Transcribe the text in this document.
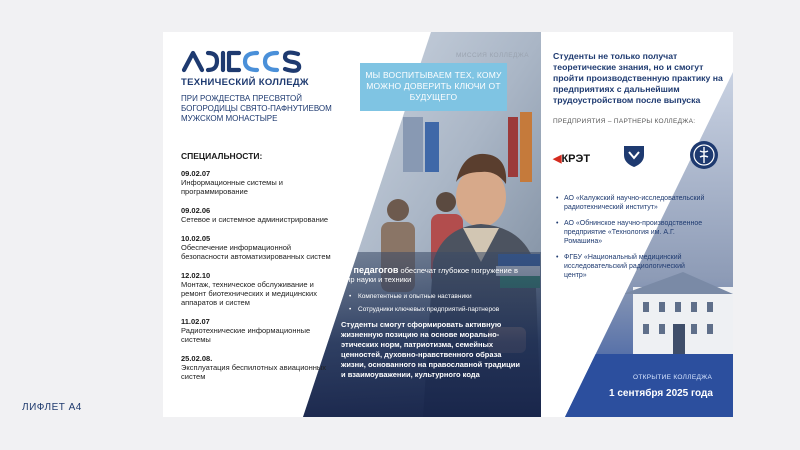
ЛИФЛЕТ А4
ТЕХНИЧЕСКИЙ КОЛЛЕДЖ
ПРИ РОЖДЕСТВА ПРЕСВЯТОЙ БОГОРОДИЦЫ СВЯТО-ПАФНУТИЕВОМ МУЖСКОМ МОНАСТЫРЕ
СПЕЦИАЛЬНОСТИ:
09.02.07
Информационные системы и программирование
09.02.06
Сетевое и системное администрирование
10.02.05
Обеспечение информационной безопасности автоматизированных систем
12.02.10
Монтаж, техническое обслуживание и ремонт биотехнических и медицинских аппаратов и систем
11.02.07
Радиотехнические информационные системы
25.02.08.
Эксплуатация беспилотных авиационных систем
МИССИЯ КОЛЛЕДЖА
МЫ ВОСПИТЫВАЕМ ТЕХ, КОМУ МОЖНО ДОВЕРИТЬ КЛЮЧИ ОТ БУДУЩЕГО
38 педагогов обеспечат глубокое погружение в мир науки и техники
• Компетентные и опытные наставники
• Сотрудники ключевых предприятий-партнеров
Студенты смогут сформировать активную жизненную позицию на основе морально-этических норм, патриотизма, семейных ценностей, духовно-нравственного образа жизни, основанного на православной традиции и взаимоуважении, культурного кода
Студенты не только получат теоретические знания, но и смогут пройти производственную практику на предприятиях с дальнейшим трудоустройством после выпуска
ПРЕДПРИЯТИЯ – ПАРТНЕРЫ КОЛЛЕДЖА:
◀КРЭТ
• АО «Калужский научно-исследовательский радиотехнический институт»
• АО «Обнинское научно-производственное предприятие «Технология им. А.Г. Ромашина»
• ФГБУ «Национальный медицинский исследовательский радиологический центр»
ОТКРЫТИЕ КОЛЛЕДЖА
1 сентября 2025 года
